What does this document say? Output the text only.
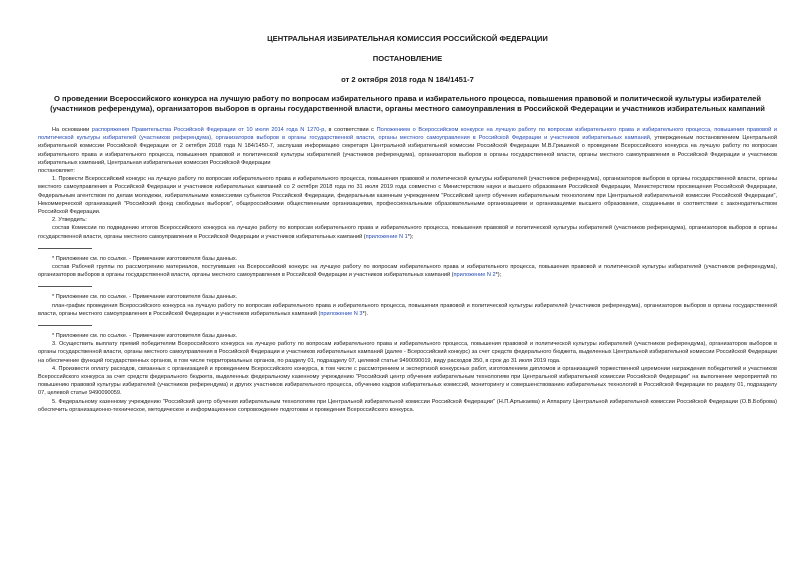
ЦЕНТРАЛЬНАЯ ИЗБИРАТЕЛЬНАЯ КОМИССИЯ РОССИЙСКОЙ ФЕДЕРАЦИИ
ПОСТАНОВЛЕНИЕ
от 2 октября 2018 года N 184/1451-7
О проведении Всероссийского конкурса на лучшую работу по вопросам избирательного права и избирательного процесса, повышения правовой и политической культуры избирателей (участников референдума), организаторов выборов в органы государственной власти, органы местного самоуправления в Российской Федерации и участников избирательных кампаний

На основании распоряжения Правительства Российской Федерации от 10 июля 2014 года N 1270-р, в соответствии с Положением о Всероссийском конкурсе на лучшую работу по вопросам избирательного права и избирательного процесса, повышения правовой и политической культуры избирателей (участников референдума), организаторов выборов в органы государственной власти, органы местного самоуправления в Российской Федерации и участников избирательных кампаний, утвержденным постановлением Центральной избирательной комиссии Российской Федерации от 2 октября 2018 года N 184/1450-7, заслушав информацию секретаря Центральной избирательной комиссии Российской Федерации М.В.Гришиной о проведении Всероссийского конкурса на лучшую работу по вопросам избирательного права и избирательного процесса, повышения правовой и политической культуры избирателей (участников референдума), организаторов выборов в органы государственной власти, органы местного самоуправления в Российской Федерации и участников избирательных кампаний, Центральная избирательная комиссия Российской Федерации

постановляет:

1. Провести Всероссийский конкурс на лучшую работу по вопросам избирательного права и избирательного процесса, повышения правовой и политической культуры избирателей (участников референдума), организаторов выборов в органы государственной власти, органы местного самоуправления в Российской Федерации и участников избирательных кампаний со 2 октября 2018 года по 31 июля 2019 года совместно с Министерством науки и высшего образования Российской Федерации, Министерством просвещения Российской Федерации, Федеральным агентством по делам молодежи, избирательными комиссиями субъектов Российской Федерации, федеральным казенным учреждением "Российский центр обучения избирательным технологиям при Центральной избирательной комиссии Российской Федерации", Некоммерческой организацией "Российский фонд свободных выборов", общероссийскими общественными организациями, профессиональными образовательными организациями и организациями высшего образования, созданными в соответствии с законодательством Российской Федерации.

2. Утвердить:

состав Комиссии по подведению итогов Всероссийского конкурса на лучшую работу по вопросам избирательного права и избирательного процесса, повышения правовой и политической культуры избирателей (участников референдума), организаторов выборов в органы государственной власти, органы местного самоуправления в Российской Федерации и участников избирательных кампаний (приложение N 1*);

* Приложение см. по ссылке. - Примечание изготовителя базы данных.

состав Рабочей группы по рассмотрению материалов, поступивших на Всероссийский конкурс на лучшую работу по вопросам избирательного права и избирательного процесса, повышения правовой и политической культуры избирателей (участников референдума), организаторов выборов в органы государственной власти, органы местного самоуправления в Российской Федерации и участников избирательных кампаний (приложение N 2*);

* Приложение см. по ссылке. - Примечание изготовителя базы данных.

план-график проведения Всероссийского конкурса на лучшую работу по вопросам избирательного права и избирательного процесса, повышения правовой и политической культуры избирателей (участников референдума), организаторов выборов в органы государственной власти, органы местного самоуправления в Российской Федерации и участников избирательных кампаний (приложение N 3*).

* Приложение см. по ссылке. - Примечание изготовителя базы данных.

3. Осуществить выплату премий победителям Всероссийского конкурса на лучшую работу по вопросам избирательного права и избирательного процесса, повышения правовой и политической культуры избирателей (участников референдума), организаторов выборов в органы государственной власти, органы местного самоуправления в Российской Федерации и участников избирательных кампаний (далее - Всероссийский конкурс) за счет средств федерального бюджета, выделенных Центральной избирательной комиссии Российской Федерации на обеспечение функций государственных органов, в том числе территориальных органов, по разделу 01, подразделу 07, целевой статье 9490090019, виду расходов 350, в срок до 31 июля 2019 года.

4. Произвести оплату расходов, связанных с организацией и проведением Всероссийского конкурса, в том числе с рассмотрением и экспертизой конкурсных работ, изготовлением дипломов и организацией торжественной церемонии награждения победителей и участников Всероссийского конкурса за счет средств федерального бюджета, выделенных федеральному казенному учреждению "Российский центр обучения избирательным технологиям при Центральной избирательной комиссии Российской Федерации" на выполнение мероприятий по повышению правовой культуры избирателей (участников референдума) и других участников избирательного процесса, обучению кадров избирательных комиссий, мониторингу и совершенствованию избирательных технологий в Российской Федерации по разделу 01, подразделу 07, целевой статье 9490090059.

5. Федеральному казенному учреждению "Российский центр обучения избирательным технологиям при Центральной избирательной комиссии Российской Федерации" (Н.П.Артыкаева) и Аппарату Центральной избирательной комиссии Российской Федерации (О.В.Боброва) обеспечить организационно-техническое, методическое и информационное сопровождение подготовки и проведения Всероссийского конкурса.
